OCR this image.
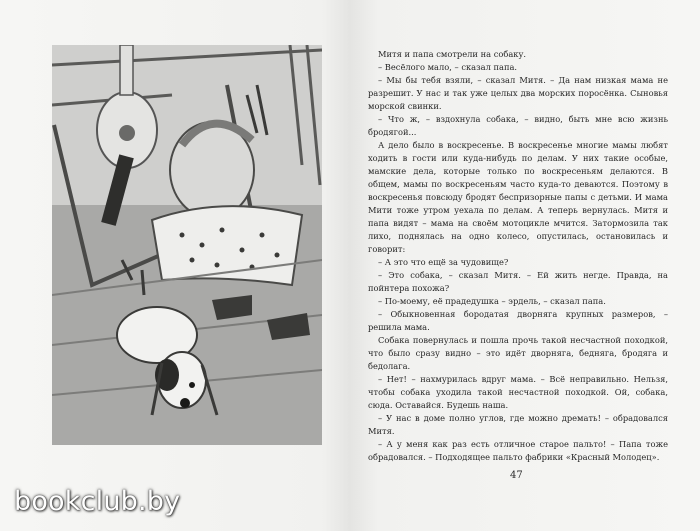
Митя и папа смотрели на собаку.

– Весёлого мало, – сказал папа.

– Мы бы тебя взяли, – сказал Митя. – Да нам низкая мама не разрешит. У нас и так уже целых два морских поросёнка. Сыновья морской свинки.

– Что ж, – вздохнула собака, – видно, быть мне всю жизнь бродягой...

А дело было в воскресенье. В воскресенье многие мамы любят ходить в гости или куда-нибудь по делам. У них такие особые, мамские дела, которые только по воскресеньям делаются. В общем, мамы по воскресеньям часто куда-то деваются. Поэтому в воскресенья повсюду бродят беспризорные папы с детьми. И мама Мити тоже утром уехала по делам. А теперь вернулась. Митя и папа видят – мама на своём мотоцикле мчится. Затормозила так лихо, поднялась на одно колесо, опустилась, остановилась и говорит:

– А это что ещё за чудовище?

– Это собака, – сказал Митя. – Ей жить негде. Правда, на пойнтера похожа?

– По-моему, её прадедушка – эрдель, – сказал папа.

– Обыкновенная бородатая дворняга крупных размеров, – решила мама.

Собака повернулась и пошла прочь такой несчастной походкой, что было сразу видно – это идёт дворняга, бедняга, бродяга и бедолага.

– Нет! – нахмурилась вдруг мама. – Всё неправильно. Нельзя, чтобы собака уходила такой несчастной походкой. Ой, собака, сюда. Оставайся. Будешь наша.

– У нас в доме полно углов, где можно дремать! – обрадовался Митя.

– А у меня как раз есть отличное старое пальто! – Папа тоже обрадовался. – Подходящее пальто фабрики «Красный Молодец».

47
bookclub.by
